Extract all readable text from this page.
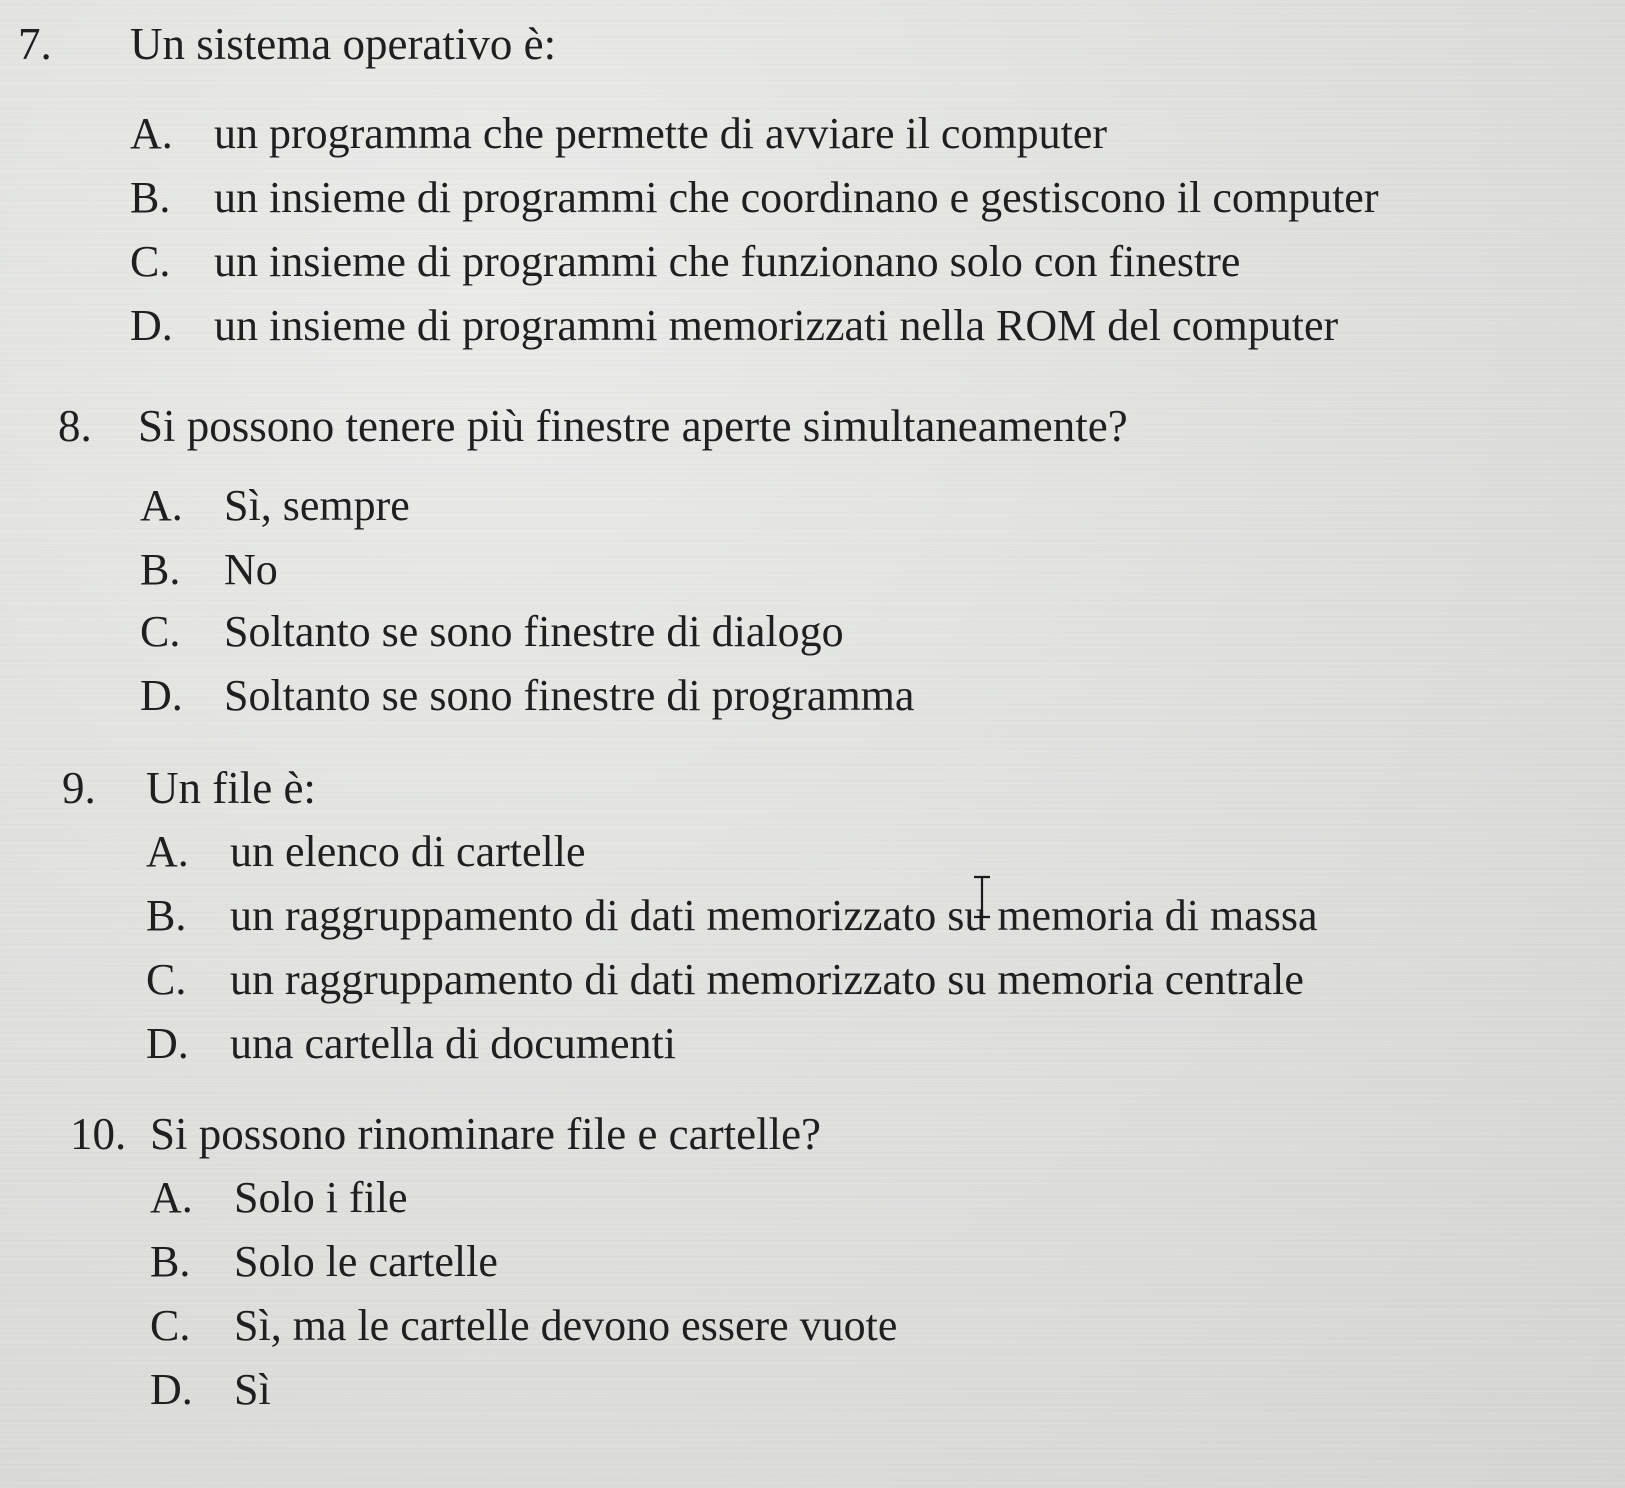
7. Un sistema operativo è:
A. un programma che permette di avviare il computer
B. un insieme di programmi che coordinano e gestiscono il computer
C. un insieme di programmi che funzionano solo con finestre
D. un insieme di programmi memorizzati nella ROM del computer
8. Si possono tenere più finestre aperte simultaneamente?
A. Sì, sempre
B. No
C. Soltanto se sono finestre di dialogo
D. Soltanto se sono finestre di programma
9. Un file è:
A. un elenco di cartelle
B. un raggruppamento di dati memorizzato su memoria di massa
C. un raggruppamento di dati memorizzato su memoria centrale
D. una cartella di documenti
10. Si possono rinominare file e cartelle?
A. Solo i file
B. Solo le cartelle
C. Sì, ma le cartelle devono essere vuote
D. Sì
